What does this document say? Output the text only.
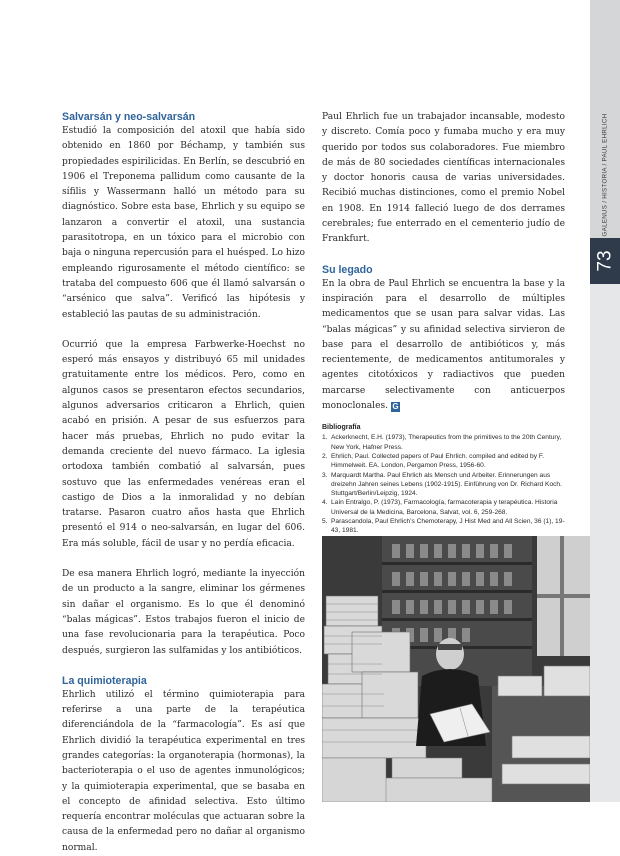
GALENUS / HISTORIA / PAUL EHRLICH
73
Salvarsán y neo-salvarsán

Estudió la composición del atoxil que había sido obtenido en 1860 por Béchamp, y también sus propiedades espirilicidas. En Berlín, se descubrió en 1906 el Treponema pallidum como causante de la sífilis y Wassermann halló un método para su diagnóstico. Sobre esta base, Ehrlich y su equipo se lanzaron a convertir el atoxil, una sustancia parasitotropa, en un tóxico para el microbio con baja o ninguna repercusión para el huésped. Lo hizo empleando rigurosamente el método científico: se trataba del compuesto 606 que él llamó salvarsán o “arsénico que salva”. Verificó las hipótesis y estableció las pautas de su administración.

Ocurrió que la empresa Farbwerke-Hoechst no esperó más ensayos y distribuyó 65 mil unidades gratuitamente entre los médicos. Pero, como en algunos casos se presentaron efectos secundarios, algunos adversarios criticaron a Ehrlich, quien acabó en prisión. A pesar de sus esfuerzos para hacer más pruebas, Ehrlich no pudo evitar la demanda creciente del nuevo fármaco. La iglesia ortodoxa también combatió al salvarsán, pues sostuvo que las enfermedades venéreas eran el castigo de Dios a la inmoralidad y no debían tratarse. Pasaron cuatro años hasta que Ehrlich presentó el 914 o neo-salvarsán, en lugar del 606. Era más soluble, fácil de usar y no perdía eficacia.

De esa manera Ehrlich logró, mediante la inyección de un producto a la sangre, eliminar los gérmenes sin dañar el organismo. Es lo que él denominó “balas mágicas”. Estos trabajos fueron el inicio de una fase revolucionaria para la terapéutica. Poco después, surgieron las sulfamidas y los antibióticos.

La quimioterapia

Ehrlich utilizó el término quimioterapia para referirse a una parte de la terapéutica diferenciándola de la “farmacología”. Es así que Ehrlich dividió la terapéutica experimental en tres grandes categorías: la organoterapia (hormonas), la bacterioterapia o el uso de agentes inmunológicos; y la quimioterapia experimental, que se basaba en el concepto de afinidad selectiva. Esto último requería encontrar moléculas que actuaran sobre la causa de la enfermedad pero no dañar al organismo normal.

Paul Ehrlich fue un trabajador incansable, modesto y discreto. Comía poco y fumaba mucho y era muy querido por todos sus colaboradores. Fue miembro de más de 80 sociedades científicas internacionales y doctor honoris causa de varias universidades. Recibió muchas distinciones, como el premio Nobel en 1908. En 1914 falleció luego de dos derrames cerebrales; fue enterrado en el cementerio judío de Frankfurt.

Su legado

En la obra de Paul Ehrlich se encuentra la base y la inspiración para el desarrollo de múltiples medicamentos que se usan para salvar vidas. Las “balas mágicas” y su afinidad selectiva sirvieron de base para el desarrollo de antibióticos y, más recientemente, de medicamentos antitumorales y agentes citotóxicos y radiactivos que pueden marcarse selectivamente con anticuerpos monoclonales. G

Bibliografía
1. Ackerknecht, E.H. (1973), Therapeutics from the primitives to the 20th Century, New York, Hafner Press.
2. Ehrlich, Paul. Collected papers of Paul Ehrlich. compiled and edited by F. Himmelweit. EA. London, Pergamon Press, 1956-60.
3. Marquardt Martha. Paul Ehrlich als Mensch und Arbeiter. Erinnerungen aus dreizehn Jahren seines Lebens (1902-1915). Einführung von Dr. Richard Koch. Stuttgart/Berlin/Leipzig, 1924.
4. Laín Entralgo, P. (1973), Farmacología, farmacoterapia y terapéutica. Historia Universal de la Medicina, Barcelona, Salvat, vol. 6, 259-268.
5. Parascandola, Paul Ehrlich’s Chemoterapy, J Hist Med and All Scien, 36 (1), 19-43, 1981.
